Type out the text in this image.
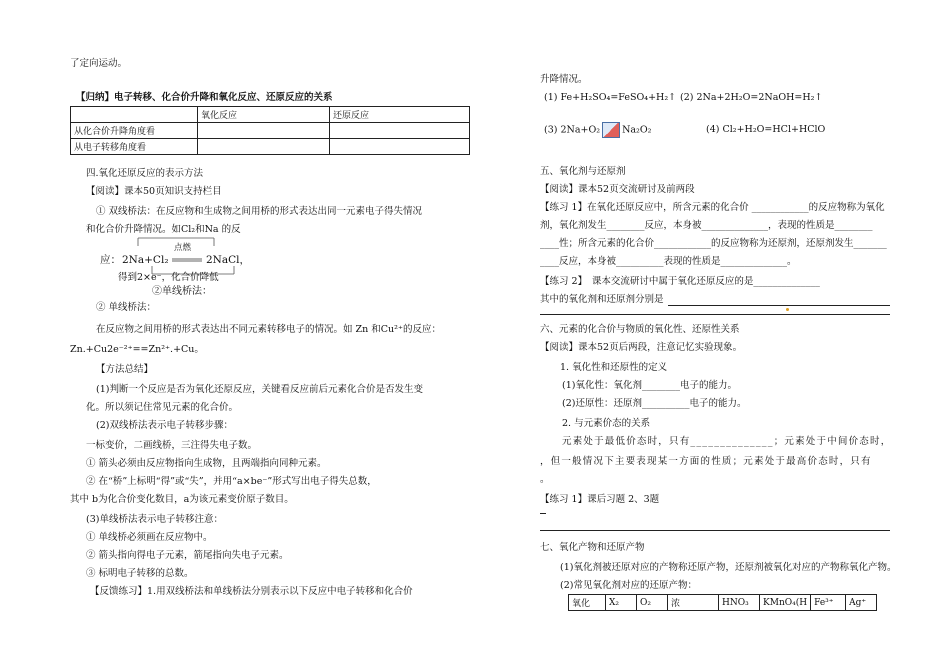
了定向运动。
【归纳】电子转移、化合价升降和氧化反应、还原反应的关系
	氧化反应	还原反应
从化合价升降角度看		
从电子转移角度看		
四.氧化还原反应的表示方法
【阅读】课本50页知识支持栏目
① 双线桥法：在反应物和生成物之间用桥的形式表达出同一元素电子得失情况
和化合价升降情况。如Cl₂和Na 的反
点燃
应： 2Na+Cl₂	2NaCl，
得到2×e⁻，化合价降低
②单线桥法：
② 单线桥法：
在反应物之间用桥的形式表达出不同元素转移电子的情况。如 Zn 和Cu²⁺的反应：
Zn.+Cu2e⁻²⁺==Zn²⁺.+Cu。
【方法总结】
(1)判断一个反应是否为氧化还原反应，关键看反应前后元素化合价是否发生变
化。所以须记住常见元素的化合价。
(2)双线桥法表示电子转移步骤：
一标变价，二画线桥，三注得失电子数。
① 箭头必须由反应物指向生成物，且两端指向同种元素。
② 在“桥”上标明“得”或“失”，并用“a×be⁻”形式写出电子得失总数，
其中 b为化合价变化数目，a为该元素变价原子数目。
(3)单线桥法表示电子转移注意：
① 单线桥必须画在反应物中。
② 箭头指向得电子元素，箭尾指向失电子元素。
③ 标明电子转移的总数。
【反馈练习】1.用双线桥法和单线桥法分别表示以下反应中电子转移和化合价
升降情况。
(1) Fe+H₂SO₄=FeSO₄+H₂↑ (2) 2Na+2H₂O=2NaOH=H₂↑
(3) 2Na+O₂ Na₂O₂	(4) Cl₂+H₂O=HCl+HClO
五、氧化剂与还原剂
【阅读】课本52页交流研讨及前两段
【练习 1】在氧化还原反应中，所含元素的化合价 ____________的反应物称为氧化
剂，氧化剂发生________反应，本身被______________，表现的性质是________
____性；所含元素的化合价____________的反应物称为还原剂，还原剂发生_______
____反应，本身被__________表现的性质是______________。
【练习 2】　课本交流研讨中属于氧化还原反应的是______________
其中的氧化剂和还原剂分别是
六、元素的化合价与物质的氧化性、还原性关系
【阅读】课本52页后两段，注意记忆实验现象。
1. 氧化性和还原性的定义
(1)氧化性：氧化剂________电子的能力。
(2)还原性：还原剂__________电子的能力。
2. 与元素价态的关系
元素处于最低价态时，只有______________；元素处于中间价态时，
，但一般情况下主要表现某一方面的性质；元素处于最高价态时，只有
。
【练习 1】课后习题 2、3题
七、氧化产物和还原产物
(1)氧化剂被还原对应的产物称还原产物，还原剂被氧化对应的产物称氧化产物。
(2)常见氧化剂对应的还原产物：
氧化	X₂	O₂	浓	HNO₃	KMnO₄(H	Fe³⁺	Ag⁺
